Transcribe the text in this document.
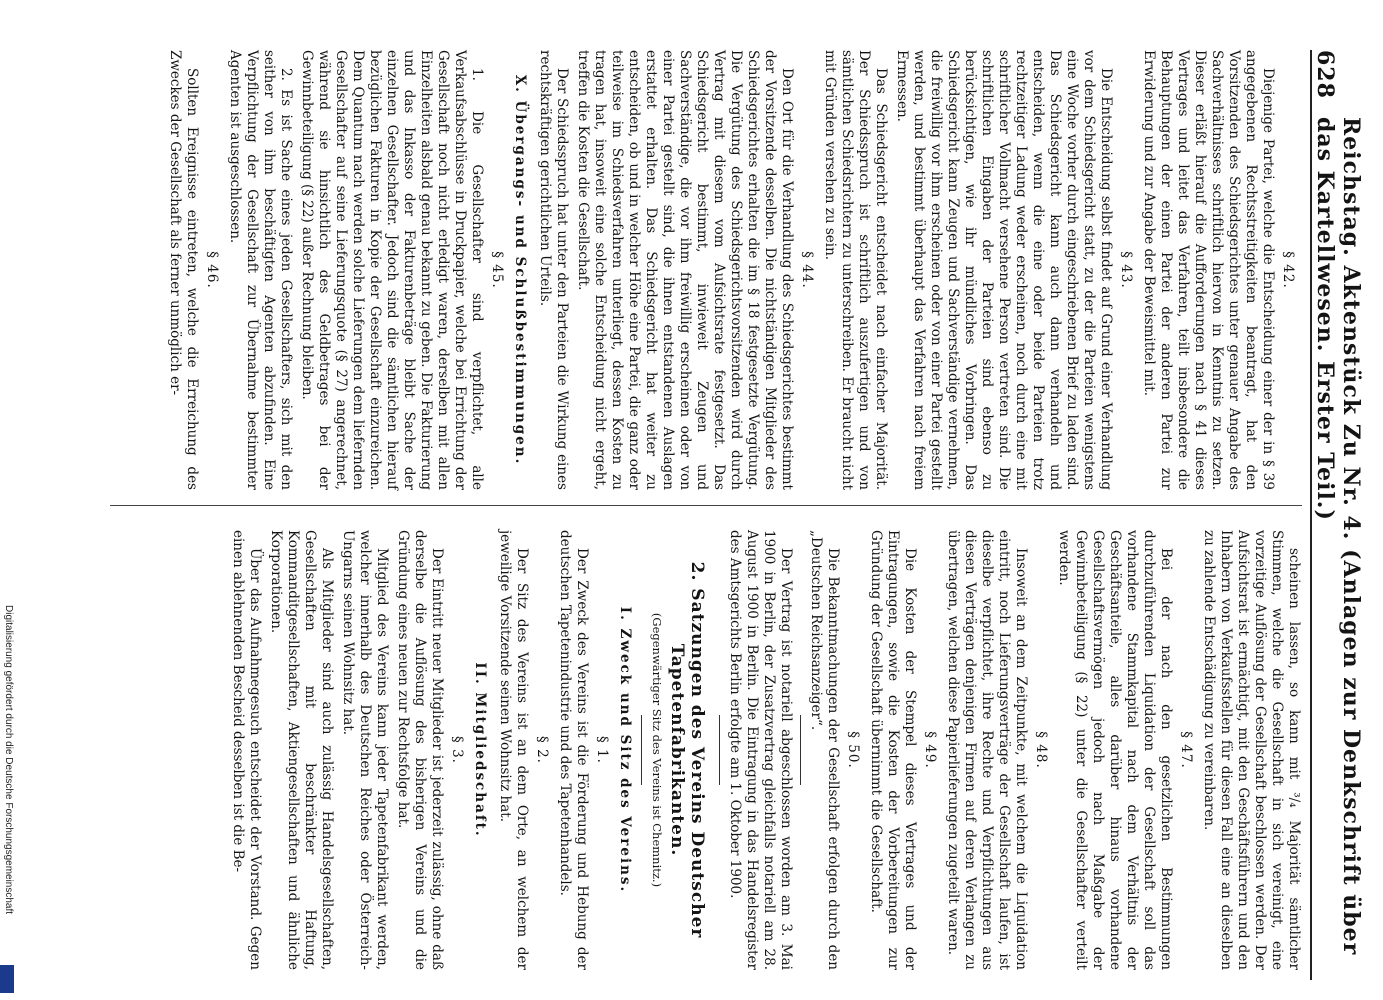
628
Reichstag. Aktenstück Zu Nr. 4. (Anlagen zur Denkschrift über das Kartellwesen. Erster Teil.)
§ 42.
Diejenige Partei, welche die Entscheidung einer der in § 39 angegebenen Rechtsstreitigkeiten beantragt, hat den Vorsitzenden des Schiedsgerichtes unter genauer Angabe des Sachverhältnisses schriftlich hiervon in Kenntnis zu setzen. Dieser erläßt hierauf die Aufforderungen nach § 41 dieses Vertrages und leitet das Verfahren, teilt insbesondere die Behauptungen der einen Partei der anderen Partei zur Erwiderung und zur Angabe der Beweismittel mit.
§ 43.
Die Entscheidung selbst findet auf Grund einer Verhandlung vor dem Schiedsgericht statt, zu der die Parteien wenigstens eine Woche vorher durch eingeschriebenen Brief zu laden sind. Das Schiedsgericht kann auch dann verhandeln und entscheiden, wenn die eine oder beide Parteien trotz rechtzeitiger Ladung weder erscheinen, noch durch eine mit schriftlicher Vollmacht versehene Person vertreten sind. Die schriftlichen Eingaben der Parteien sind ebenso zu berücksichtigen, wie ihr mündliches Vorbringen. Das Schiedsgericht kann Zeugen und Sachverständige vernehmen, die freiwillig vor ihm erscheinen oder von einer Partei gestellt werden, und bestimmt überhaupt das Verfahren nach freiem Ermessen.
Das Schiedsgericht entscheidet nach einfacher Majorität. Der Schiedsspruch ist schriftlich auszufertigen und von sämtlichen Schiedsrichtern zu unterschreiben. Er braucht nicht mit Gründen versehen zu sein.
§ 44.
Den Ort für die Verhandlung des Schiedsgerichtes bestimmt der Vorsitzende desselben. Die nichtständigen Mitglieder des Schiedsgerichtes erhalten die im § 18 festgesetzte Vergütung. Die Vergütung des Schiedsgerichtsvorsitzenden wird durch Vertrag mit diesem vom Aufsichtsrate festgesetzt. Das Schiedsgericht bestimmt, inwieweit Zeugen und Sachverständige, die vor ihm freiwillig erscheinen oder von einer Partei gestellt sind, die ihnen entstandenen Auslagen erstattet erhalten. Das Schiedsgericht hat weiter zu entscheiden, ob und in welcher Höhe eine Partei, die ganz oder teilweise im Schiedsverfahren unterliegt, dessen Kosten zu tragen hat, insoweit eine solche Entscheidung nicht ergeht, treffen die Kosten die Gesellschaft.
Der Schiedsspruch hat unter den Parteien die Wirkung eines rechtskräftigen gerichtlichen Urteils.
X. Übergangs- und Schlußbestimmungen.
§ 45.
1. Die Gesellschafter sind verpflichtet, alle Verkaufsabschlüsse in Druckpapier, welche bei Errichtung der Gesellschaft noch nicht erledigt waren, derselben mit allen Einzelheiten alsbald genau bekannt zu geben. Die Fakturierung und das Inkasso der Fakturenbeträge bleibt Sache der einzelnen Gesellschafter. Jedoch sind die sämtlichen hierauf bezüglichen Fakturen in Kopie der Gesellschaft einzureichen. Dem Quantum nach werden solche Lieferungen dem liefernden Gesellschafter auf seine Lieferungsquote (§ 27) angerechnet, während sie hinsichtlich des Geldbetrages bei der Gewinnbeteiligung (§ 22) außer Rechnung bleiben.
2. Es ist Sache eines jeden Gesellschafters, sich mit den seither von ihm beschäftigten Agenten abzufinden. Eine Verpflichtung der Gesellschaft zur Übernahme bestimmter Agenten ist ausgeschlossen.
§ 46.
Sollten Ereignisse eintreten, welche die Erreichung des Zweckes der Gesellschaft als ferner unmöglich er-
scheinen lassen, so kann mit ³/₄ Majorität sämtlicher Stimmen, welche die Gesellschaft in sich vereinigt, eine vorzeitige Auflösung der Gesellschaft beschlossen werden. Der Aufsichtsrat ist ermächtigt, mit den Geschäftsführern und den Inhabern von Verkaufsstellen für diesen Fall eine an dieselben zu zahlende Entschädigung zu vereinbaren.
§ 47.
Bei der nach den gesetzlichen Bestimmungen durchzuführenden Liquidation der Gesellschaft soll das vorhandene Stammkapital nach dem Verhältnis der Geschäftsanteile, alles darüber hinaus vorhandene Gesellschaftsvermögen jedoch nach Maßgabe der Gewinnbeteiligung (§ 22) unter die Gesellschafter verteilt werden.
§ 48.
Insoweit an dem Zeitpunkte, mit welchem die Liquidation eintritt, noch Lieferungsverträge der Gesellschaft laufen, ist dieselbe verpflichtet, ihre Rechte und Verpflichtungen aus diesen Verträgen denjenigen Firmen auf deren Verlangen zu übertragen, welchen diese Papierlieferungen zugeteilt waren.
§ 49.
Die Kosten der Stempel dieses Vertrages und der Eintragungen, sowie die Kosten der Vorbereitungen zur Gründung der Gesellschaft übernimmt die Gesellschaft.
§ 50.
Die Bekanntmachungen der Gesellschaft erfolgen durch den „Deutschen Reichsanzeiger“.
Der Vertrag ist notariell abgeschlossen worden am 3. Mai 1900 in Berlin, der Zusatzvertrag gleichfalls notariell am 28. August 1900 in Berlin. Die Eintragung in das Handelsregister des Amtsgerichts Berlin erfolgte am 1. Oktober 1900.
2. Satzungen des Vereins Deutscher Tapetenfabrikanten.
(Gegenwärtiger Sitz des Vereins ist Chemnitz.)
I. Zweck und Sitz des Vereins.
§ 1.
Der Zweck des Vereins ist die Förderung und Hebung der deutschen Tapetenindustrie und des Tapetenhandels.
§ 2.
Der Sitz des Vereins ist an dem Orte, an welchem der jeweilige Vorsitzende seinen Wohnsitz hat.
II. Mitgliedschaft.
§ 3.
Der Eintritt neuer Mitglieder ist jederzeit zulässig, ohne daß derselbe die Auflösung des bisherigen Vereins und die Gründung eines neuen zur Rechtsfolge hat.
Mitglied des Vereins kann jeder Tapetenfabrikant werden, welcher innerhalb des Deutschen Reiches oder Österreich-Ungarns seinen Wohnsitz hat.
Als Mitglieder sind auch zulässig Handelsgesellschaften, Gesellschaften mit beschränkter Haftung, Kommanditgesellschaften, Aktiengesellschaften und ähnliche Korporationen.
Über das Aufnahmegesuch entscheidet der Vorstand. Gegen einen ablehnenden Bescheid desselben ist die Be-
Digitalisierung gefördert durch die Deutsche Forschungsgemeinschaft
